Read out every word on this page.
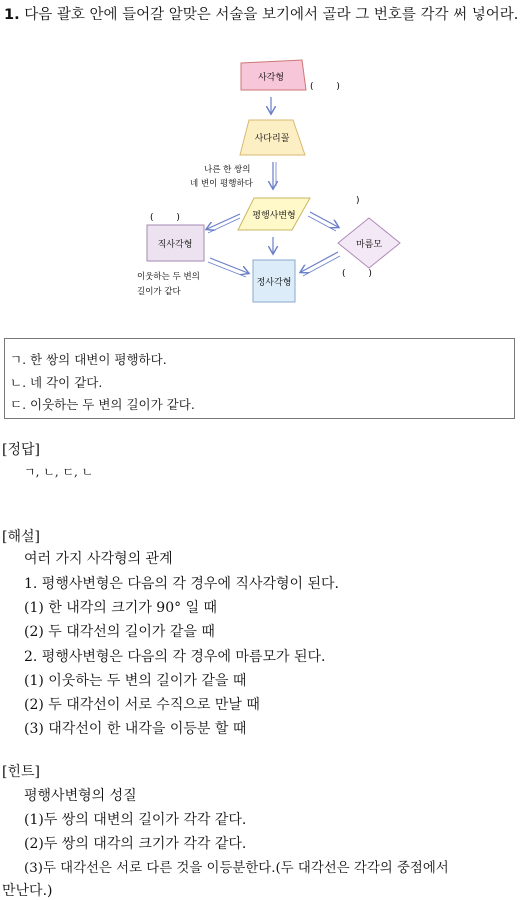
1. 다음 괄호 안에 들어갈 알맞은 서술을 보기에서 골라 그 번호를 각각 써 넣어라.
사각형
(        )
사다리꼴
나른 한 쌍의
네 변이 평행하다
평행사변형
(        )
직사각형
)
마름모
(        )
정사각형
이웃하는 두 변의
길이가 같다
ㄱ. 한 쌍의 대변이 평행하다.
ㄴ. 네 각이 같다.
ㄷ. 이웃하는 두 변의 길이가 같다.
[정답]
ㄱ, ㄴ, ㄷ, ㄴ
[해설]
여러 가지 사각형의 관계
1. 평행사변형은 다음의 각 경우에 직사각형이 된다.
(1) 한 내각의 크기가 90° 일 때
(2) 두 대각선의 길이가 같을 때
2. 평행사변형은 다음의 각 경우에 마름모가 된다.
(1) 이웃하는 두 변의 길이가 같을 때
(2) 두 대각선이 서로 수직으로 만날 때
(3) 대각선이 한 내각을 이등분 할 때
[힌트]
평행사변형의 성질
(1)두 쌍의 대변의 길이가 각각 같다.
(2)두 쌍의 대각의 크기가 각각 같다.
(3)두 대각선은 서로 다른 것을 이등분한다.(두 대각선은 각각의 중점에서
만난다.)
